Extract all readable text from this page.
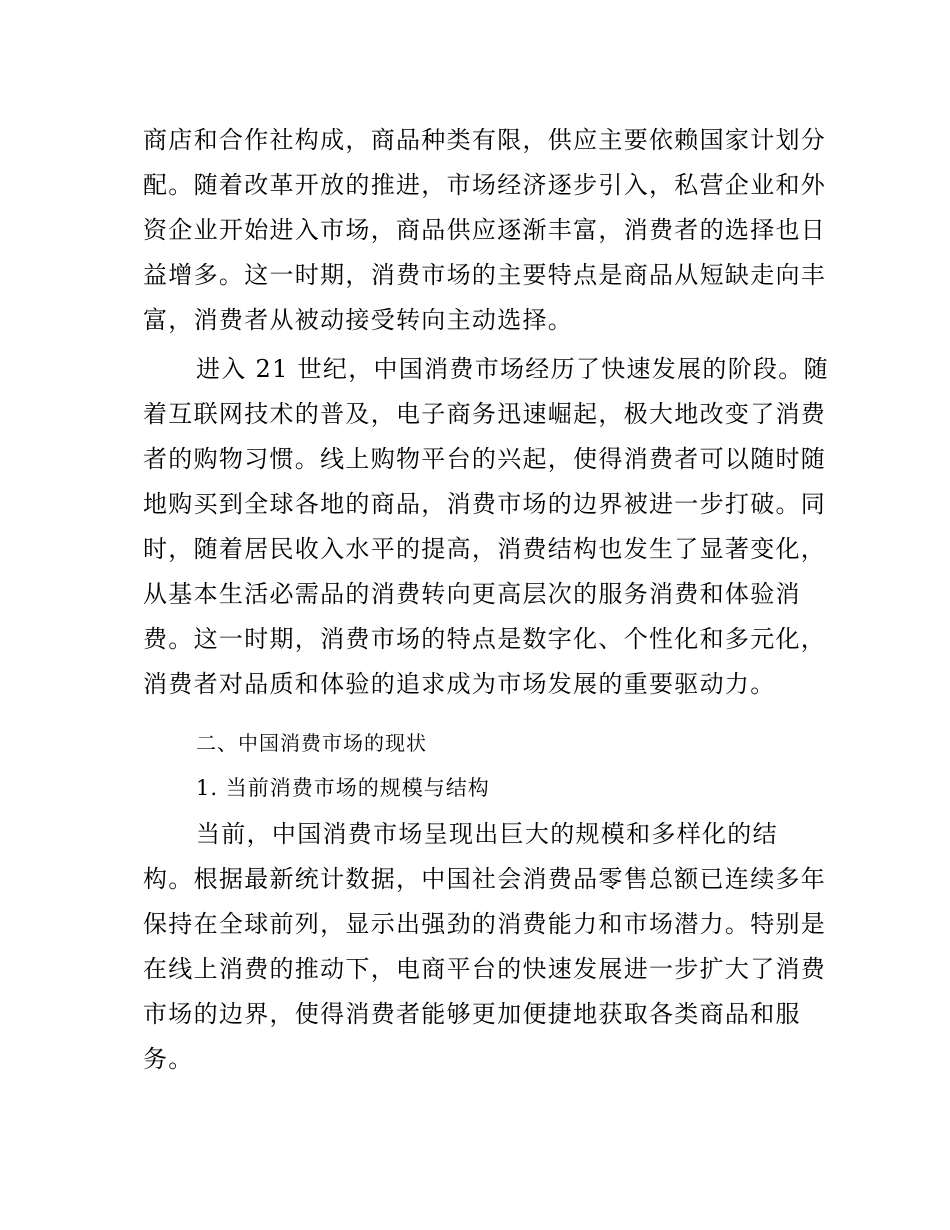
商店和合作社构成，商品种类有限，供应主要依赖国家计划分
配。随着改革开放的推进，市场经济逐步引入，私营企业和外
资企业开始进入市场，商品供应逐渐丰富，消费者的选择也日
益增多。这一时期，消费市场的主要特点是商品从短缺走向丰
富，消费者从被动接受转向主动选择。
进入 21 世纪，中国消费市场经历了快速发展的阶段。随
着互联网技术的普及，电子商务迅速崛起，极大地改变了消费
者的购物习惯。线上购物平台的兴起，使得消费者可以随时随
地购买到全球各地的商品，消费市场的边界被进一步打破。同
时，随着居民收入水平的提高，消费结构也发生了显著变化，
从基本生活必需品的消费转向更高层次的服务消费和体验消
费。这一时期，消费市场的特点是数字化、个性化和多元化，
消费者对品质和体验的追求成为市场发展的重要驱动力。
二、中国消费市场的现状
1. 当前消费市场的规模与结构
当前，中国消费市场呈现出巨大的规模和多样化的结
构。根据最新统计数据，中国社会消费品零售总额已连续多年
保持在全球前列，显示出强劲的消费能力和市场潜力。特别是
在线上消费的推动下，电商平台的快速发展进一步扩大了消费
市场的边界，使得消费者能够更加便捷地获取各类商品和服
务。
